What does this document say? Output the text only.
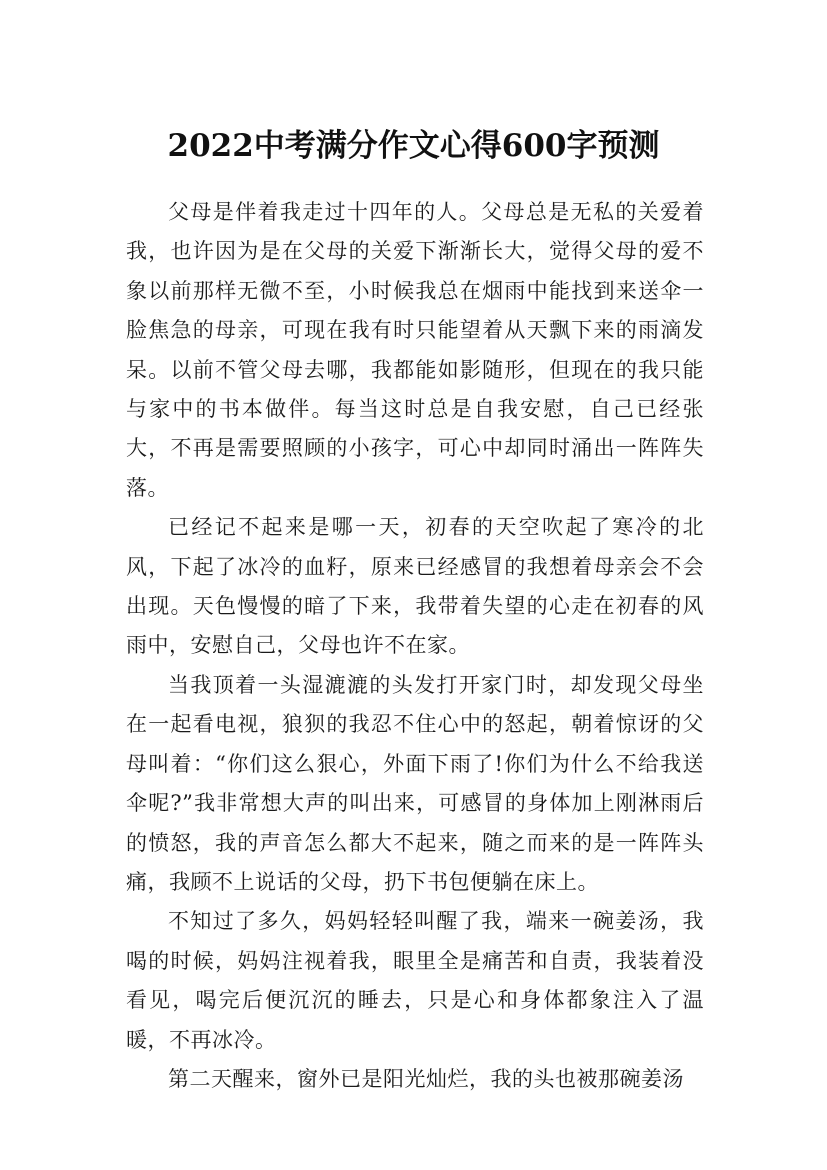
2022中考满分作文心得600字预测

父母是伴着我走过十四年的人。父母总是无私的关爱着我，也许因为是在父母的关爱下渐渐长大，觉得父母的爱不象以前那样无微不至，小时候我总在烟雨中能找到来送伞一脸焦急的母亲，可现在我有时只能望着从天飘下来的雨滴发呆。以前不管父母去哪，我都能如影随形，但现在的我只能与家中的书本做伴。每当这时总是自我安慰，自己已经张大，不再是需要照顾的小孩字，可心中却同时涌出一阵阵失落。

已经记不起来是哪一天，初春的天空吹起了寒冷的北风，下起了冰冷的血籽，原来已经感冒的我想着母亲会不会出现。天色慢慢的暗了下来，我带着失望的心走在初春的风雨中，安慰自己，父母也许不在家。

当我顶着一头湿漉漉的头发打开家门时，却发现父母坐在一起看电视，狼狈的我忍不住心中的怒起，朝着惊讶的父母叫着：“你们这么狠心，外面下雨了!你们为什么不给我送伞呢?”我非常想大声的叫出来，可感冒的身体加上刚淋雨后的愤怒，我的声音怎么都大不起来，随之而来的是一阵阵头痛，我顾不上说话的父母，扔下书包便躺在床上。

不知过了多久，妈妈轻轻叫醒了我，端来一碗姜汤，我喝的时候，妈妈注视着我，眼里全是痛苦和自责，我装着没看见，喝完后便沉沉的睡去，只是心和身体都象注入了温暖，不再冰冷。

第二天醒来，窗外已是阳光灿烂，我的头也被那碗姜汤
